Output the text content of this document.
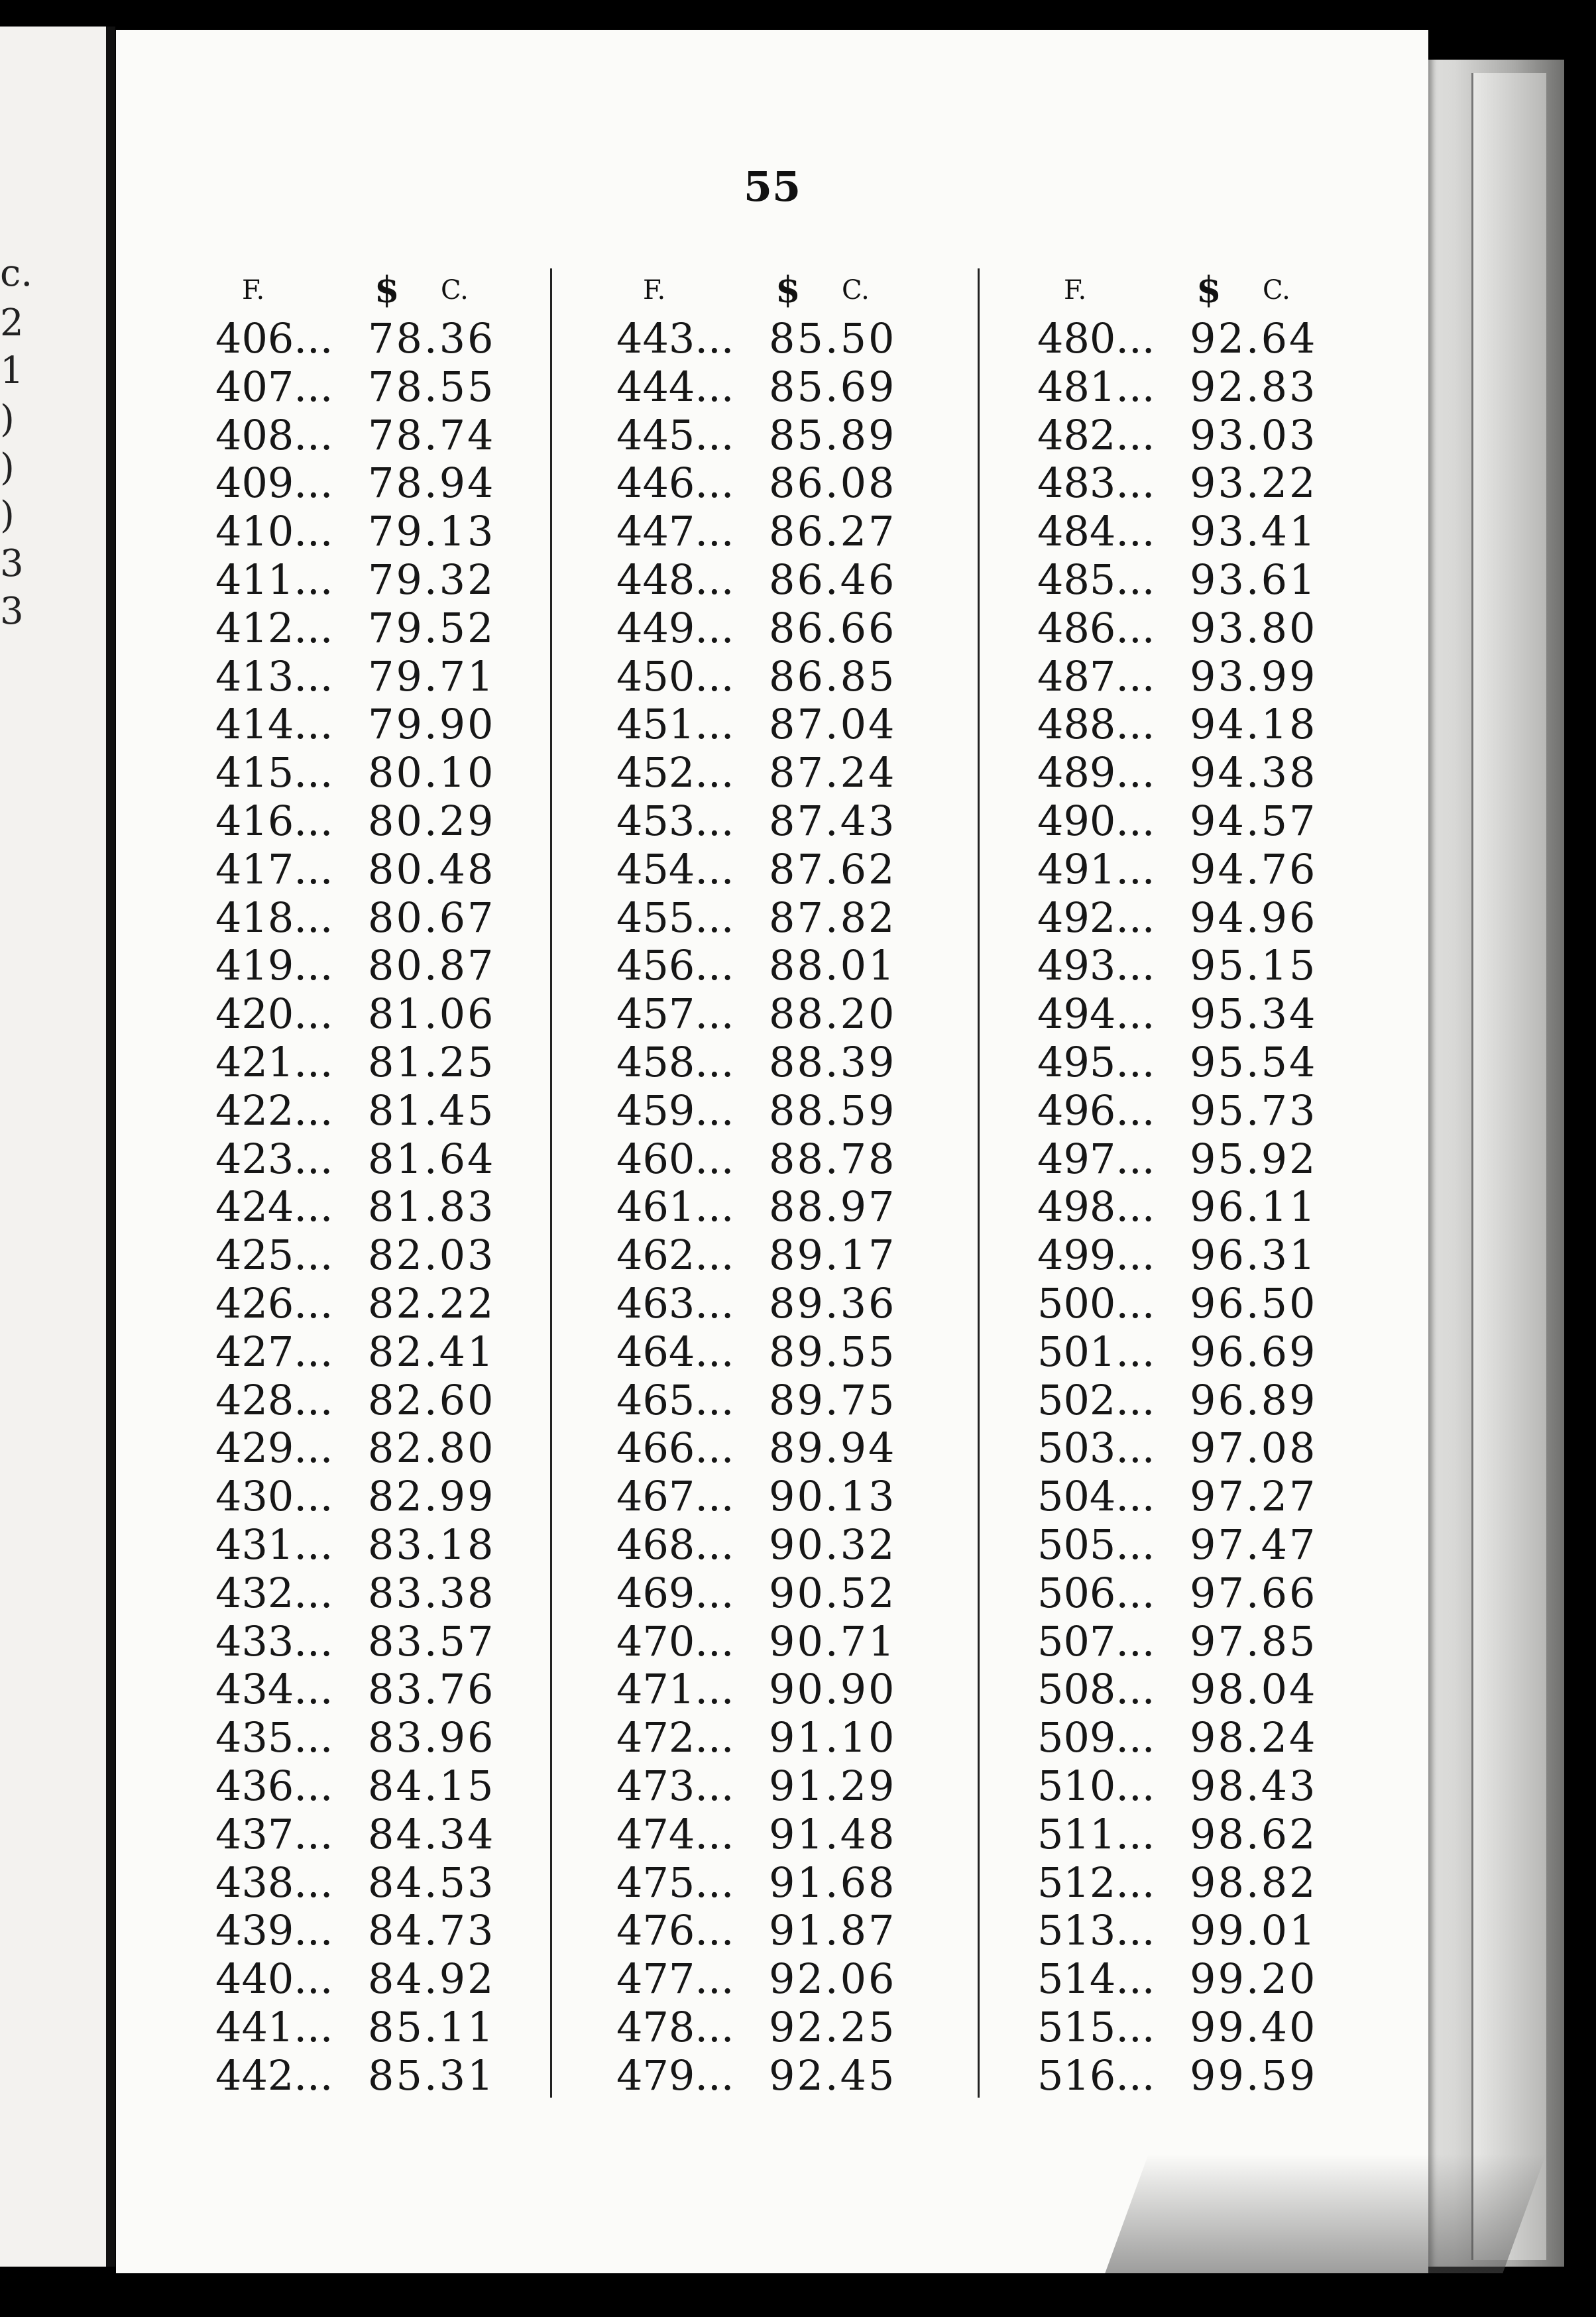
c.
2
1
)
)
)
3
3
55
F.	$ C.
406... 78.36
407... 78.55
408... 78.74
409... 78.94
410... 79.13
411... 79.32
412... 79.52
413... 79.71
414... 79.90
415... 80.10
416... 80.29
417... 80.48
418... 80.67
419... 80.87
420... 81.06
421... 81.25
422... 81.45
423... 81.64
424... 81.83
425... 82.03
426... 82.22
427... 82.41
428... 82.60
429... 82.80
430... 82.99
431... 83.18
432... 83.38
433... 83.57
434... 83.76
435... 83.96
436... 84.15
437... 84.34
438... 84.53
439... 84.73
440... 84.92
441... 85.11
442... 85.31
F.	$ C.
443... 85.50
444... 85.69
445... 85.89
446... 86.08
447... 86.27
448... 86.46
449... 86.66
450... 86.85
451... 87.04
452... 87.24
453... 87.43
454... 87.62
455... 87.82
456... 88.01
457... 88.20
458... 88.39
459... 88.59
460... 88.78
461... 88.97
462... 89.17
463... 89.36
464... 89.55
465... 89.75
466... 89.94
467... 90.13
468... 90.32
469... 90.52
470... 90.71
471... 90.90
472... 91.10
473... 91.29
474... 91.48
475... 91.68
476... 91.87
477... 92.06
478... 92.25
479... 92.45
F.	$ C.
480... 92.64
481... 92.83
482... 93.03
483... 93.22
484... 93.41
485... 93.61
486... 93.80
487... 93.99
488... 94.18
489... 94.38
490... 94.57
491... 94.76
492... 94.96
493... 95.15
494... 95.34
495... 95.54
496... 95.73
497... 95.92
498... 96.11
499... 96.31
500... 96.50
501... 96.69
502... 96.89
503... 97.08
504... 97.27
505... 97.47
506... 97.66
507... 97.85
508... 98.04
509... 98.24
510... 98.43
511... 98.62
512... 98.82
513... 99.01
514... 99.20
515... 99.40
516... 99.59
